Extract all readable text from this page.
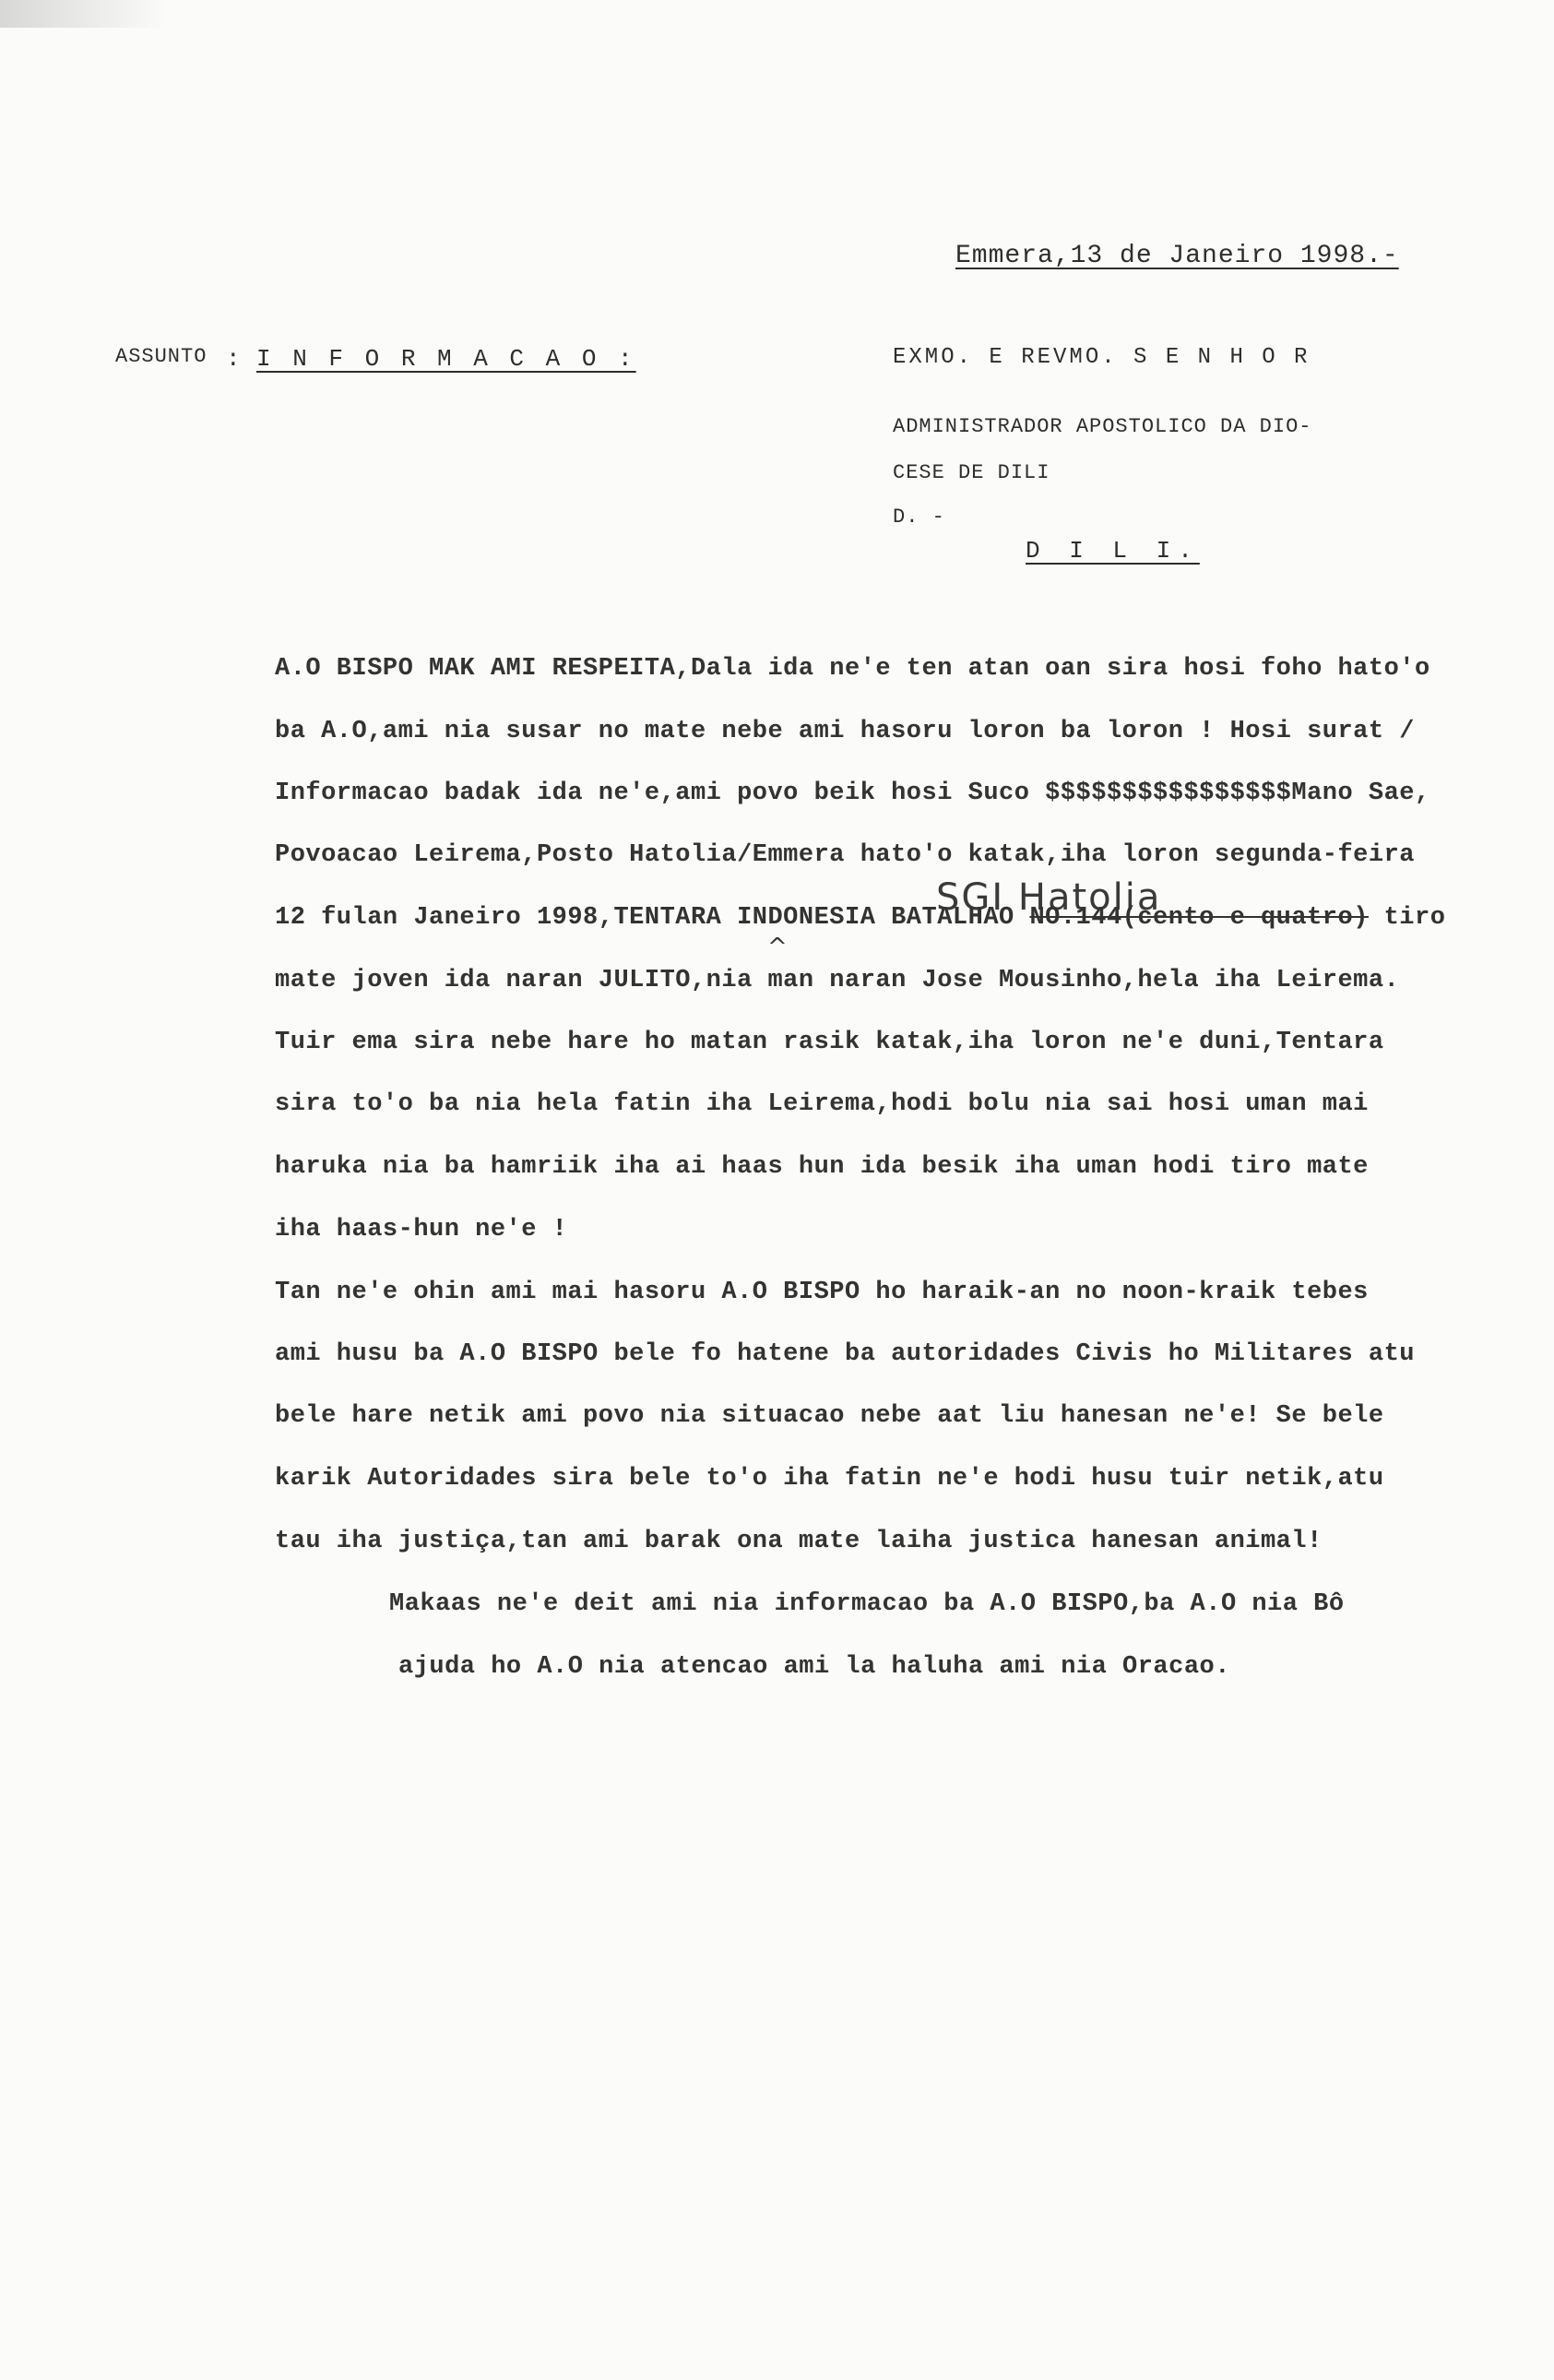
Emmera,13 de Janeiro 1998.-
ASSUNTO : I N F O R M A C A O :	EXMO. E REVMO. S E N H O R
ADMINISTRADOR APOSTOLICO DA DIO-
CESE DE DILI
D. -
D I L I.
A.O BISPO MAK AMI RESPEITA,Dala ida ne'e ten atan oan sira hosi foho hato'o
ba A.O,ami nia susar no mate nebe ami hasoru loron ba loron ! Hosi surat /
Informacao badak ida ne'e,ami povo beik hosi Suco $$$$$$$$$$$$$$$$Mano Sae,
Povoacao Leirema,Posto Hatolia/Emmera hato'o katak,iha loron segunda-feira
SGI Hatolia
12 fulan Janeiro 1998,TENTARA INDONESIA BATALHAO NO.144(cento e quatro) tiro
^
mate joven ida naran JULITO,nia man naran Jose Mousinho,hela iha Leirema.
Tuir ema sira nebe hare ho matan rasik katak,iha loron ne'e duni,Tentara
sira to'o ba nia hela fatin iha Leirema,hodi bolu nia sai hosi uman mai
haruka nia ba hamriik iha ai haas hun ida besik iha uman hodi tiro mate
iha haas-hun ne'e !
Tan ne'e ohin ami mai hasoru A.O BISPO ho haraik-an no noon-kraik tebes
ami husu ba A.O BISPO bele fo hatene ba autoridades Civis ho Militares atu
bele hare netik ami povo nia situacao nebe aat liu hanesan ne'e! Se bele
karik Autoridades sira bele to'o iha fatin ne'e hodi husu tuir netik,atu
tau iha justiça,tan ami barak ona mate laiha justica hanesan animal!
Makaas ne'e deit ami nia informacao ba A.O BISPO,ba A.O nia Bô
ajuda ho A.O nia atencao ami la haluha ami nia Oracao.
